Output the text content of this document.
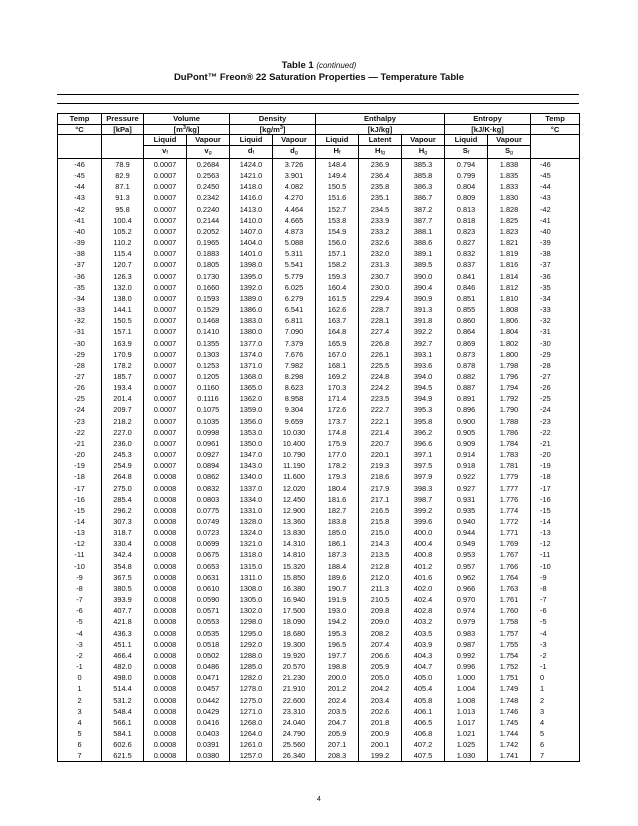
Table 1 (continued)
DuPont™ Freon® 22 Saturation Properties — Temperature Table
Temp	Pressure	Volume		Density		Enthalpy			Entropy		Temp
°C	[kPa]	$[m^3/kg]$		$[kg/m^3]$		[kJ/kg]			[kJ/K·kg]		°C
		Liquid	Vapour	Liquid	Vapour	Liquid	Latent	Vapour	Liquid	Vapour	
		$v_f$	$v_g$	$d_f$	$d_g$	$H_f$	$H_{fg}$	$H_g$	$S_f$	$S_g$
-46	78.9	0.0007	0.2684	1424.0	3.726	148.4	236.9	385.3	0.794	1.838	-46
-45	82.9	0.0007	0.2563	1421.0	3.901	149.4	236.4	385.8	0.799	1.835	-45
-44	87.1	0.0007	0.2450	1418.0	4.082	150.5	235.8	386.3	0.804	1.833	-44
-43	91.3	0.0007	0.2342	1416.0	4.270	151.6	235.1	386.7	0.809	1.830	-43
-42	95.8	0.0007	0.2240	1413.0	4.464	152.7	234.5	387.2	0.813	1.828	-42
-41	100.4	0.0007	0.2144	1410.0	4.665	153.8	233.9	387.7	0.818	1.825	-41
-40	105.2	0.0007	0.2052	1407.0	4.873	154.9	233.2	388.1	0.823	1.823	-40
-39	110.2	0.0007	0.1965	1404.0	5.088	156.0	232.6	388.6	0.827	1.821	-39
-38	115.4	0.0007	0.1883	1401.0	5.311	157.1	232.0	389.1	0.832	1.819	-38
-37	120.7	0.0007	0.1805	1398.0	5.541	158.2	231.3	389.5	0.837	1.816	-37
-36	126.3	0.0007	0.1730	1395.0	5.779	159.3	230.7	390.0	0.841	1.814	-36
-35	132.0	0.0007	0.1660	1392.0	6.025	160.4	230.0	390.4	0.846	1.812	-35
-34	138.0	0.0007	0.1593	1389.0	6.279	161.5	229.4	390.9	0.851	1.810	-34
-33	144.1	0.0007	0.1529	1386.0	6.541	162.6	228.7	391.3	0.855	1.808	-33
-32	150.5	0.0007	0.1468	1383.0	6.811	163.7	228.1	391.8	0.860	1.806	-32
-31	157.1	0.0007	0.1410	1380.0	7.090	164.8	227.4	392.2	0.864	1.804	-31
-30	163.9	0.0007	0.1355	1377.0	7.379	165.9	226.8	392.7	0.869	1.802	-30
-29	170.9	0.0007	0.1303	1374.0	7.676	167.0	226.1	393.1	0.873	1.800	-29
-28	178.2	0.0007	0.1253	1371.0	7.982	168.1	225.5	393.6	0.878	1.798	-28
-27	185.7	0.0007	0.1205	1368.0	8.298	169.2	224.8	394.0	0.882	1.796	-27
-26	193.4	0.0007	0.1160	1365.0	8.623	170.3	224.2	394.5	0.887	1.794	-26
-25	201.4	0.0007	0.1116	1362.0	8.958	171.4	223.5	394.9	0.891	1.792	-25
-24	209.7	0.0007	0.1075	1359.0	9.304	172.6	222.7	395.3	0.896	1.790	-24
-23	218.2	0.0007	0.1035	1356.0	9.659	173.7	222.1	395.8	0.900	1.788	-23
-22	227.0	0.0007	0.0998	1353.0	10.030	174.8	221.4	396.2	0.905	1.786	-22
-21	236.0	0.0007	0.0961	1350.0	10.400	175.9	220.7	396.6	0.909	1.784	-21
-20	245.3	0.0007	0.0927	1347.0	10.790	177.0	220.1	397.1	0.914	1.783	-20
-19	254.9	0.0007	0.0894	1343.0	11.190	178.2	219.3	397.5	0.918	1.781	-19
-18	264.8	0.0008	0.0862	1340.0	11.600	179.3	218.6	397.9	0.922	1.779	-18
-17	275.0	0.0008	0.0832	1337.0	12.020	180.4	217.9	398.3	0.927	1.777	-17
-16	285.4	0.0008	0.0803	1334.0	12.450	181.6	217.1	398.7	0.931	1.776	-16
-15	296.2	0.0008	0.0775	1331.0	12.900	182.7	216.5	399.2	0.935	1.774	-15
-14	307.3	0.0008	0.0749	1328.0	13.360	183.8	215.8	399.6	0.940	1.772	-14
-13	318.7	0.0008	0.0723	1324.0	13.830	185.0	215.0	400.0	0.944	1.771	-13
-12	330.4	0.0008	0.0699	1321.0	14.310	186.1	214.3	400.4	0.949	1.769	-12
-11	342.4	0.0008	0.0675	1318.0	14.810	187.3	213.5	400.8	0.953	1.767	-11
-10	354.8	0.0008	0.0653	1315.0	15.320	188.4	212.8	401.2	0.957	1.766	-10
-9	367.5	0.0008	0.0631	1311.0	15.850	189.6	212.0	401.6	0.962	1.764	-9
-8	380.5	0.0008	0.0610	1308.0	16.380	190.7	211.3	402.0	0.966	1.763	-8
-7	393.9	0.0008	0.0590	1305.0	16.940	191.9	210.5	402.4	0.970	1.761	-7
-6	407.7	0.0008	0.0571	1302.0	17.500	193.0	209.8	402.8	0.974	1.760	-6
-5	421.8	0.0008	0.0553	1298.0	18.090	194.2	209.0	403.2	0.979	1.758	-5
-4	436.3	0.0008	0.0535	1295.0	18.680	195.3	208.2	403.5	0.983	1.757	-4
-3	451.1	0.0008	0.0518	1292.0	19.300	196.5	207.4	403.9	0.987	1.755	-3
-2	466.4	0.0008	0.0502	1288.0	19.920	197.7	206.6	404.3	0.992	1.754	-2
-1	482.0	0.0008	0.0486	1285.0	20.570	198.8	205.9	404.7	0.996	1.752	-1
0	498.0	0.0008	0.0471	1282.0	21.230	200.0	205.0	405.0	1.000	1.751	0
1	514.4	0.0008	0.0457	1278.0	21.910	201.2	204.2	405.4	1.004	1.749	1
2	531.2	0.0008	0.0442	1275.0	22.600	202.4	203.4	405.8	1.008	1.748	2
3	548.4	0.0008	0.0429	1271.0	23.310	203.5	202.6	406.1	1.013	1.746	3
4	566.1	0.0008	0.0416	1268.0	24.040	204.7	201.8	406.5	1.017	1.745	4
5	584.1	0.0008	0.0403	1264.0	24.790	205.9	200.9	406.8	1.021	1.744	5
6	602.6	0.0008	0.0391	1261.0	25.560	207.1	200.1	407.2	1.025	1.742	6
7	621.5	0.0008	0.0380	1257.0	26.340	208.3	199.2	407.5	1.030	1.741	7
4
